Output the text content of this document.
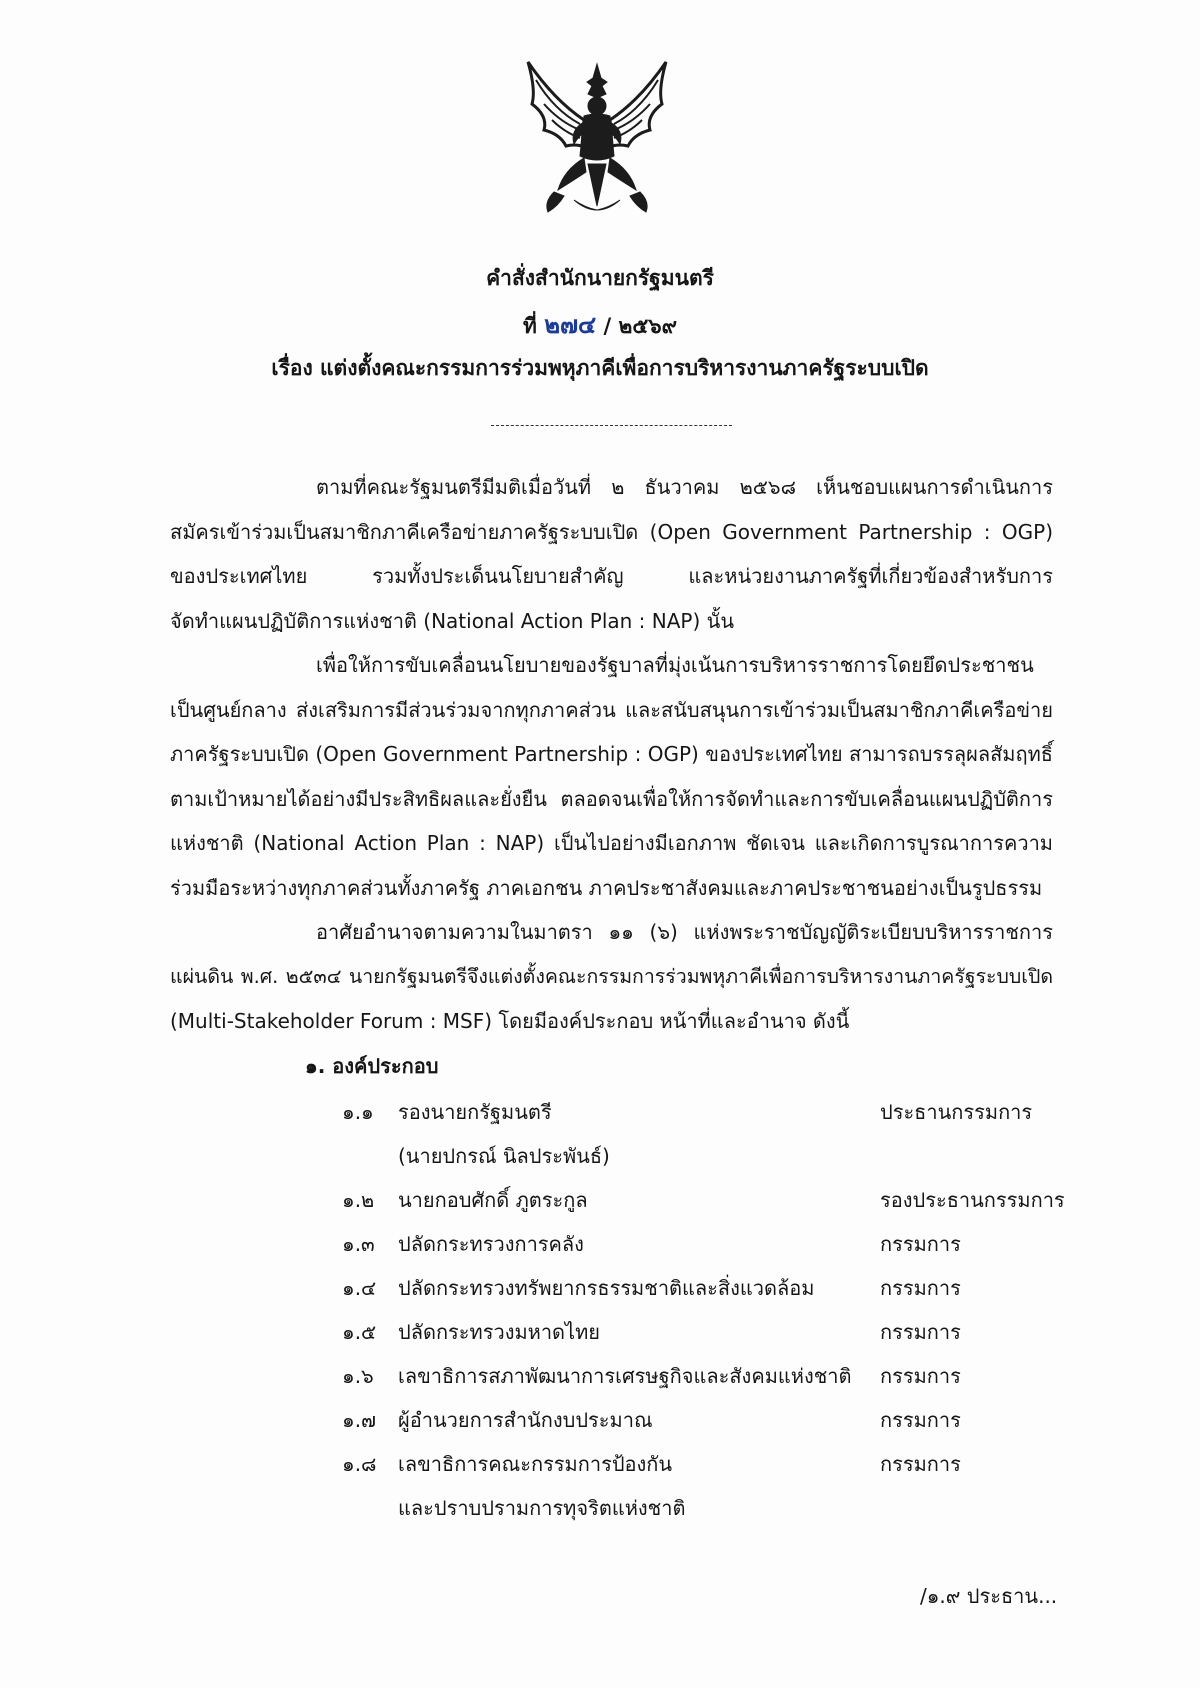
คำสั่งสำนักนายกรัฐมนตรี
ที่ ๒๗๔ / ๒๕๖๙
เรื่อง แต่งตั้งคณะกรรมการร่วมพหุภาคีเพื่อการบริหารงานภาครัฐระบบเปิด
ตามที่คณะรัฐมนตรีมีมติเมื่อวันที่ ๒ ธันวาคม ๒๕๖๘ เห็นชอบแผนการดำเนินการ
สมัครเข้าร่วมเป็นสมาชิกภาคีเครือข่ายภาครัฐระบบเปิด (Open Government Partnership : OGP)
ของประเทศไทย รวมทั้งประเด็นนโยบายสำคัญ และหน่วยงานภาครัฐที่เกี่ยวข้องสำหรับการ
จัดทำแผนปฏิบัติการแห่งชาติ (National Action Plan : NAP) นั้น
เพื่อให้การขับเคลื่อนนโยบายของรัฐบาลที่มุ่งเน้นการบริหารราชการโดยยึดประชาชน
เป็นศูนย์กลาง ส่งเสริมการมีส่วนร่วมจากทุกภาคส่วน และสนับสนุนการเข้าร่วมเป็นสมาชิกภาคีเครือข่าย
ภาครัฐระบบเปิด (Open Government Partnership : OGP) ของประเทศไทย สามารถบรรลุผลสัมฤทธิ์
ตามเป้าหมายได้อย่างมีประสิทธิผลและยั่งยืน ตลอดจนเพื่อให้การจัดทำและการขับเคลื่อนแผนปฏิบัติการ
แห่งชาติ (National Action Plan : NAP) เป็นไปอย่างมีเอกภาพ ชัดเจน และเกิดการบูรณาการความ
ร่วมมือระหว่างทุกภาคส่วนทั้งภาครัฐ ภาคเอกชน ภาคประชาสังคมและภาคประชาชนอย่างเป็นรูปธรรม
อาศัยอำนาจตามความในมาตรา ๑๑ (๖) แห่งพระราชบัญญัติระเบียบบริหารราชการ
แผ่นดิน พ.ศ. ๒๕๓๔ นายกรัฐมนตรีจึงแต่งตั้งคณะกรรมการร่วมพหุภาคีเพื่อการบริหารงานภาครัฐระบบเปิด
(Multi-Stakeholder Forum : MSF) โดยมีองค์ประกอบ หน้าที่และอำนาจ ดังนี้
๑. องค์ประกอบ
๑.๑ รองนายกรัฐมนตรี	ประธานกรรมการ
(นายปกรณ์ นิลประพันธ์)
๑.๒ นายกอบศักดิ์ ภูตระกูล	รองประธานกรรมการ
๑.๓ ปลัดกระทรวงการคลัง	กรรมการ
๑.๔ ปลัดกระทรวงทรัพยากรธรรมชาติและสิ่งแวดล้อม	กรรมการ
๑.๕ ปลัดกระทรวงมหาดไทย	กรรมการ
๑.๖ เลขาธิการสภาพัฒนาการเศรษฐกิจและสังคมแห่งชาติ กรรมการ
๑.๗ ผู้อำนวยการสำนักงบประมาณ	กรรมการ
๑.๘ เลขาธิการคณะกรรมการป้องกัน	กรรมการ
และปราบปรามการทุจริตแห่งชาติ
/๑.๙ ประธาน...
